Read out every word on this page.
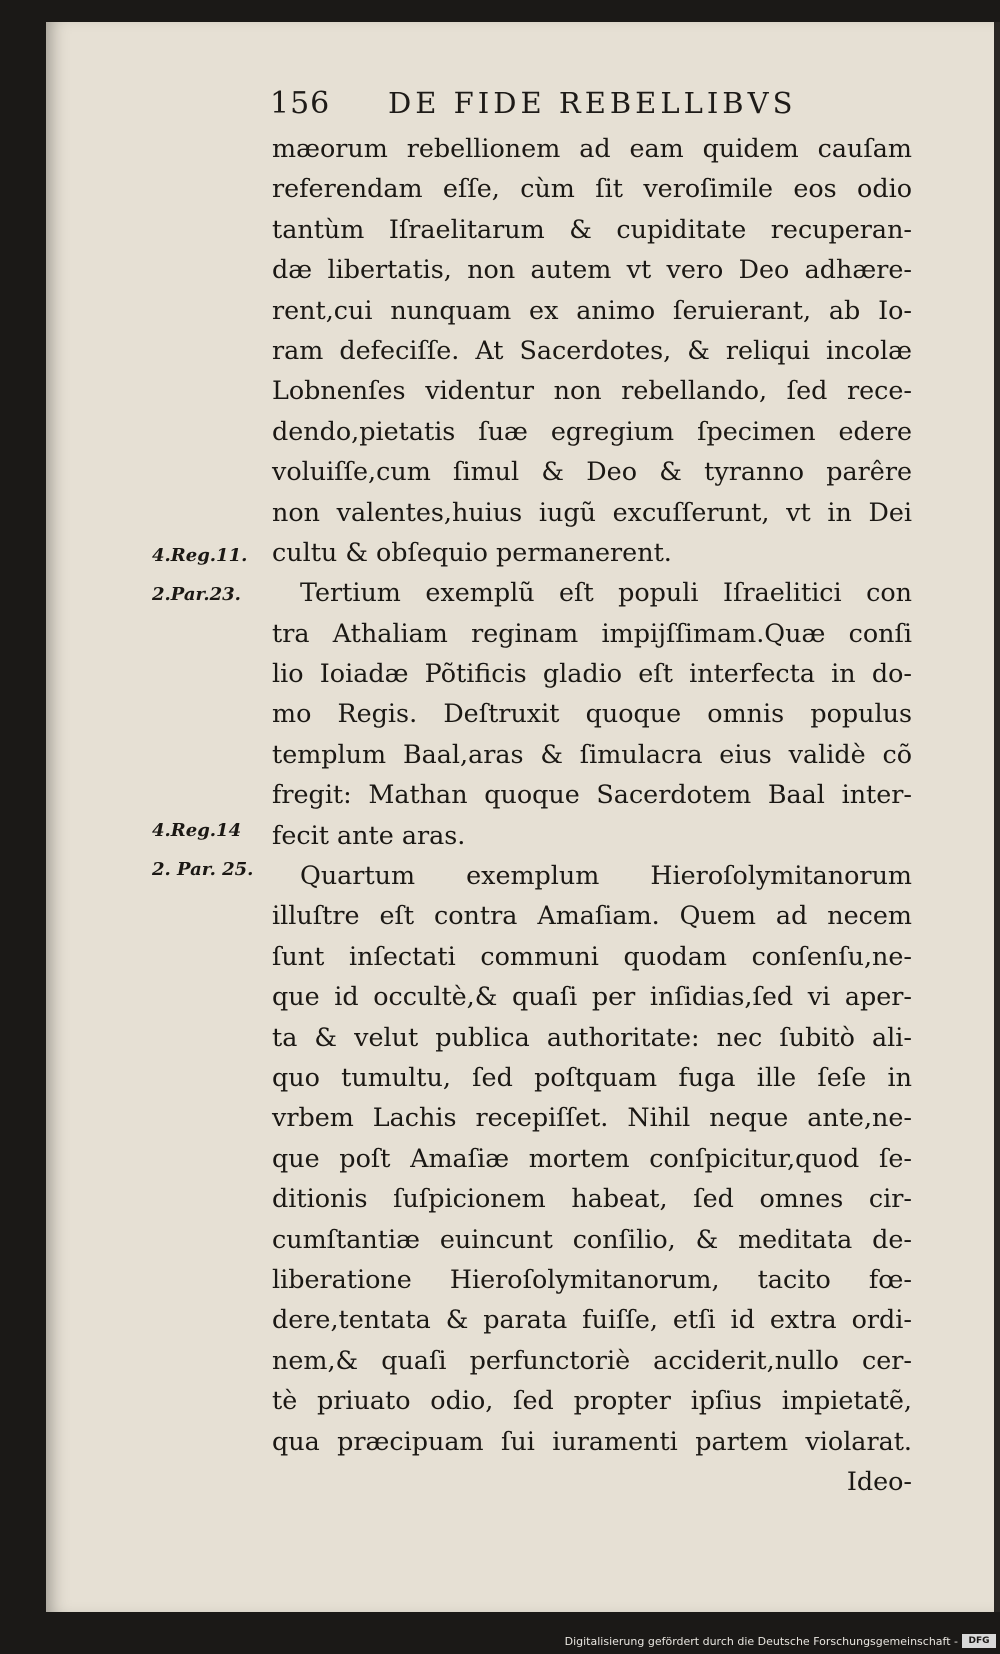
156 DE FIDE REBELLIBVS
mæorum rebellionem ad eam quidem cauſam
referendam eſſe, cùm ſit veroſimile eos odio
tantùm Iſraelitarum & cupiditate recuperan-
dæ libertatis, non autem vt vero Deo adhære-
rent,cui nunquam ex animo ſeruierant, ab Io-
ram defeciſſe. At Sacerdotes, & reliqui incolæ
Lobnenſes videntur non rebellando, ſed rece-
dendo,pietatis ſuæ egregium ſpecimen edere
voluiſſe,cum ſimul & Deo & tyranno parêre
non valentes,huius iugũ excuſſerunt, vt in Dei
cultu & obſequio permanerent.
Tertium exemplũ eſt populi Iſraelitici con
tra Athaliam reginam impijſſimam.Quæ conſi
lio Ioiadæ Põtificis gladio eſt interfecta in do-
mo Regis. Deſtruxit quoque omnis populus
templum Baal,aras & ſimulacra eius validè cõ
fregit: Mathan quoque Sacerdotem Baal inter-
fecit ante aras.
Quartum exemplum Hieroſolymitanorum
illuſtre eſt contra Amaſiam. Quem ad necem
ſunt inſectati communi quodam conſenſu,ne-
que id occultè,& quaſi per inſidias,ſed vi aper-
ta & velut publica authoritate: nec ſubitò ali-
quo tumultu, ſed poſtquam fuga ille ſeſe in
vrbem Lachis recepiſſet. Nihil neque ante,ne-
que poſt Amaſiæ mortem conſpicitur,quod ſe-
ditionis ſuſpicionem habeat, ſed omnes cir-
cumſtantiæ euincunt conſilio, & meditata de-
liberatione Hieroſolymitanorum, tacito fœ-
dere,tentata & parata fuiſſe, etſi id extra ordi-
nem,& quaſi perfunctoriè acciderit,nullo cer-
tè priuato odio, ſed propter ipſius impietatẽ,
qua præcipuam ſui iuramenti partem violarat.
Ideo-
4.Reg.11.
2.Par.23.
4.Reg.14
2. Par. 25.
Digitalisierung gefördert durch die Deutsche Forschungsgemeinschaft -	DFG
